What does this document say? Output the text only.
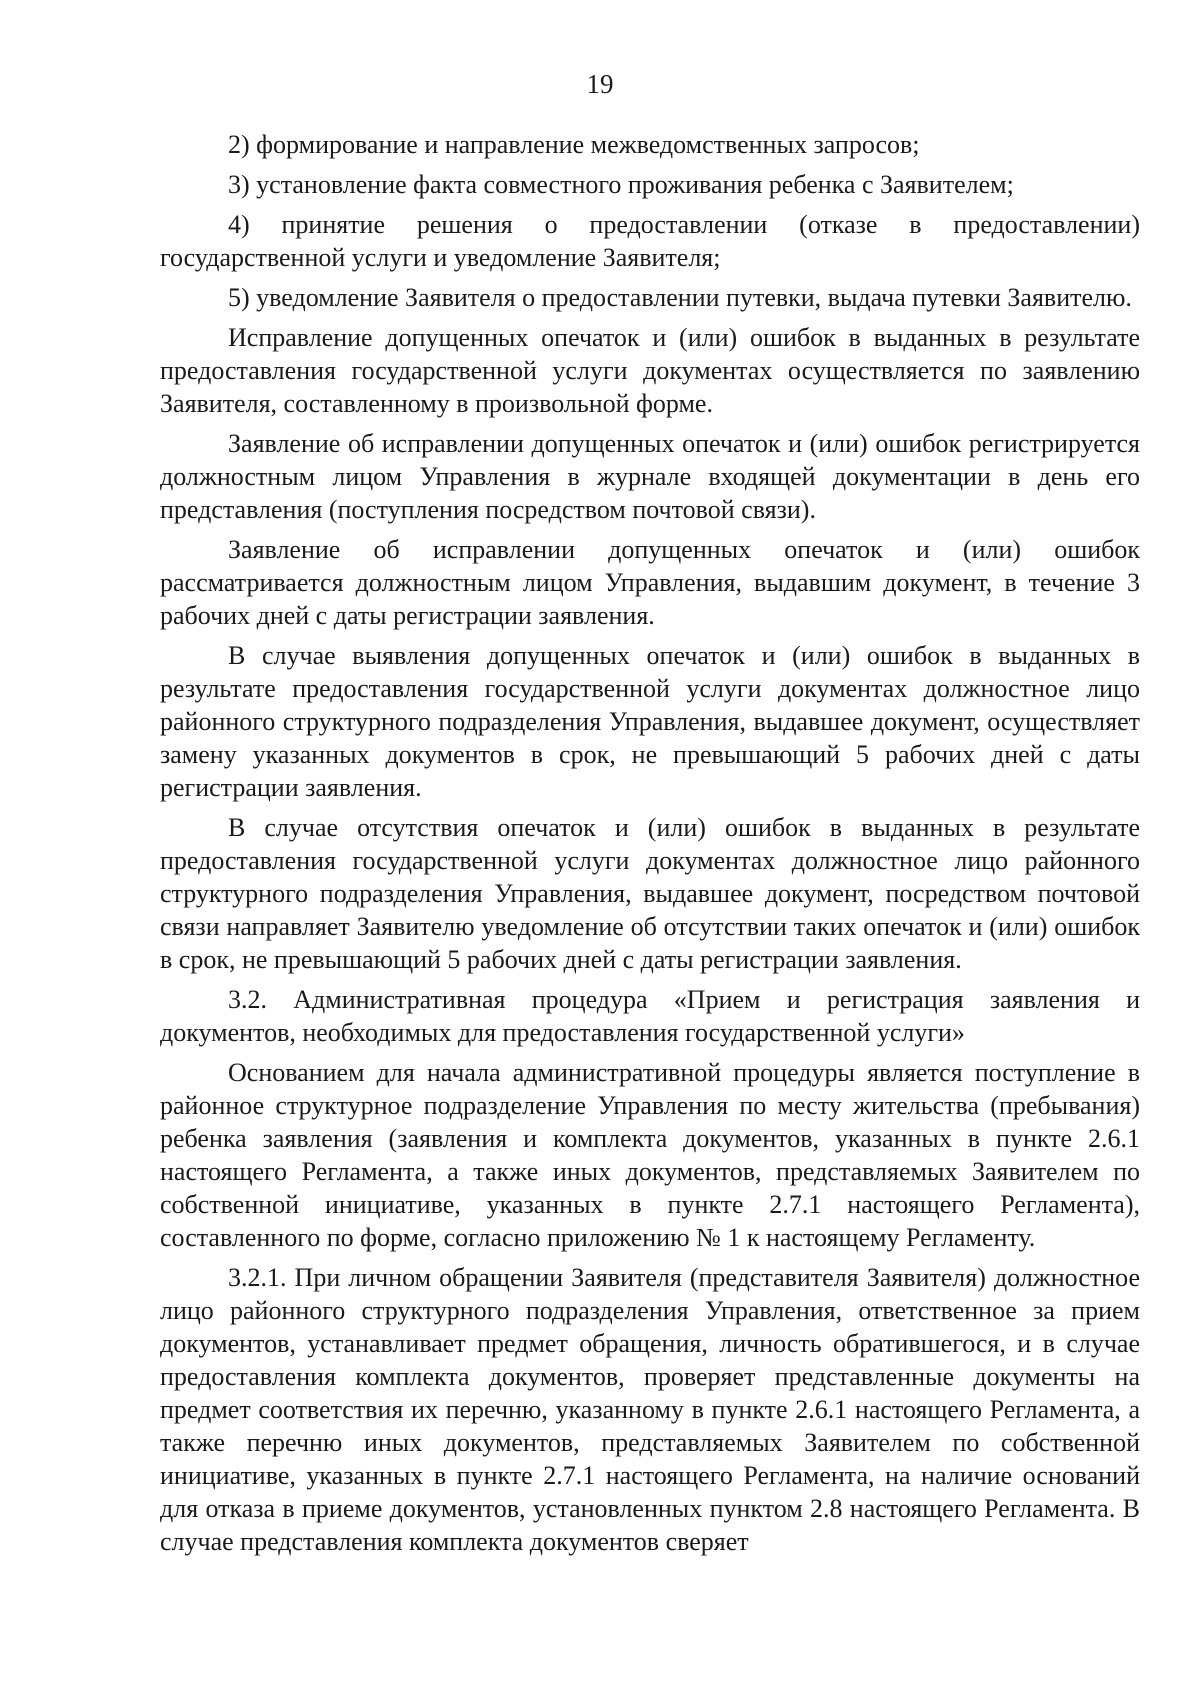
19

2) формирование и направление межведомственных запросов;

3) установление факта совместного проживания ребенка с Заявителем;

4) принятие решения о предоставлении (отказе в предоставлении) государственной услуги и уведомление Заявителя;

5) уведомление Заявителя о предоставлении путевки, выдача путевки Заявителю.

Исправление допущенных опечаток и (или) ошибок в выданных в результате предоставления государственной услуги документах осуществляется по заявлению Заявителя, составленному в произвольной форме.

Заявление об исправлении допущенных опечаток и (или) ошибок регистрируется должностным лицом Управления в журнале входящей документации в день его представления (поступления посредством почтовой связи).

Заявление об исправлении допущенных опечаток и (или) ошибок рассматривается должностным лицом Управления, выдавшим документ, в течение 3 рабочих дней с даты регистрации заявления.

В случае выявления допущенных опечаток и (или) ошибок в выданных в результате предоставления государственной услуги документах должностное лицо районного структурного подразделения Управления, выдавшее документ, осуществляет замену указанных документов в срок, не превышающий 5 рабочих дней с даты регистрации заявления.

В случае отсутствия опечаток и (или) ошибок в выданных в результате предоставления государственной услуги документах должностное лицо районного структурного подразделения Управления, выдавшее документ, посредством почтовой связи направляет Заявителю уведомление об отсутствии таких опечаток и (или) ошибок в срок, не превышающий 5 рабочих дней с даты регистрации заявления.

3.2. Административная процедура «Прием и регистрация заявления и документов, необходимых для предоставления государственной услуги»

Основанием для начала административной процедуры является поступление в районное структурное подразделение Управления по месту жительства (пребывания) ребенка заявления (заявления и комплекта документов, указанных в пункте 2.6.1 настоящего Регламента, а также иных документов, представляемых Заявителем по собственной инициативе, указанных в пункте 2.7.1 настоящего Регламента), составленного по форме, согласно приложению № 1 к настоящему Регламенту.

3.2.1. При личном обращении Заявителя (представителя Заявителя) должностное лицо районного структурного подразделения Управления, ответственное за прием документов, устанавливает предмет обращения, личность обратившегося, и в случае предоставления комплекта документов, проверяет представленные документы на предмет соответствия их перечню, указанному в пункте 2.6.1 настоящего Регламента, а также перечню иных документов, представляемых Заявителем по собственной инициативе, указанных в пункте 2.7.1 настоящего Регламента, на наличие оснований для отказа в приеме документов, установленных пунктом 2.8 настоящего Регламента. В случае представления комплекта документов сверяет
